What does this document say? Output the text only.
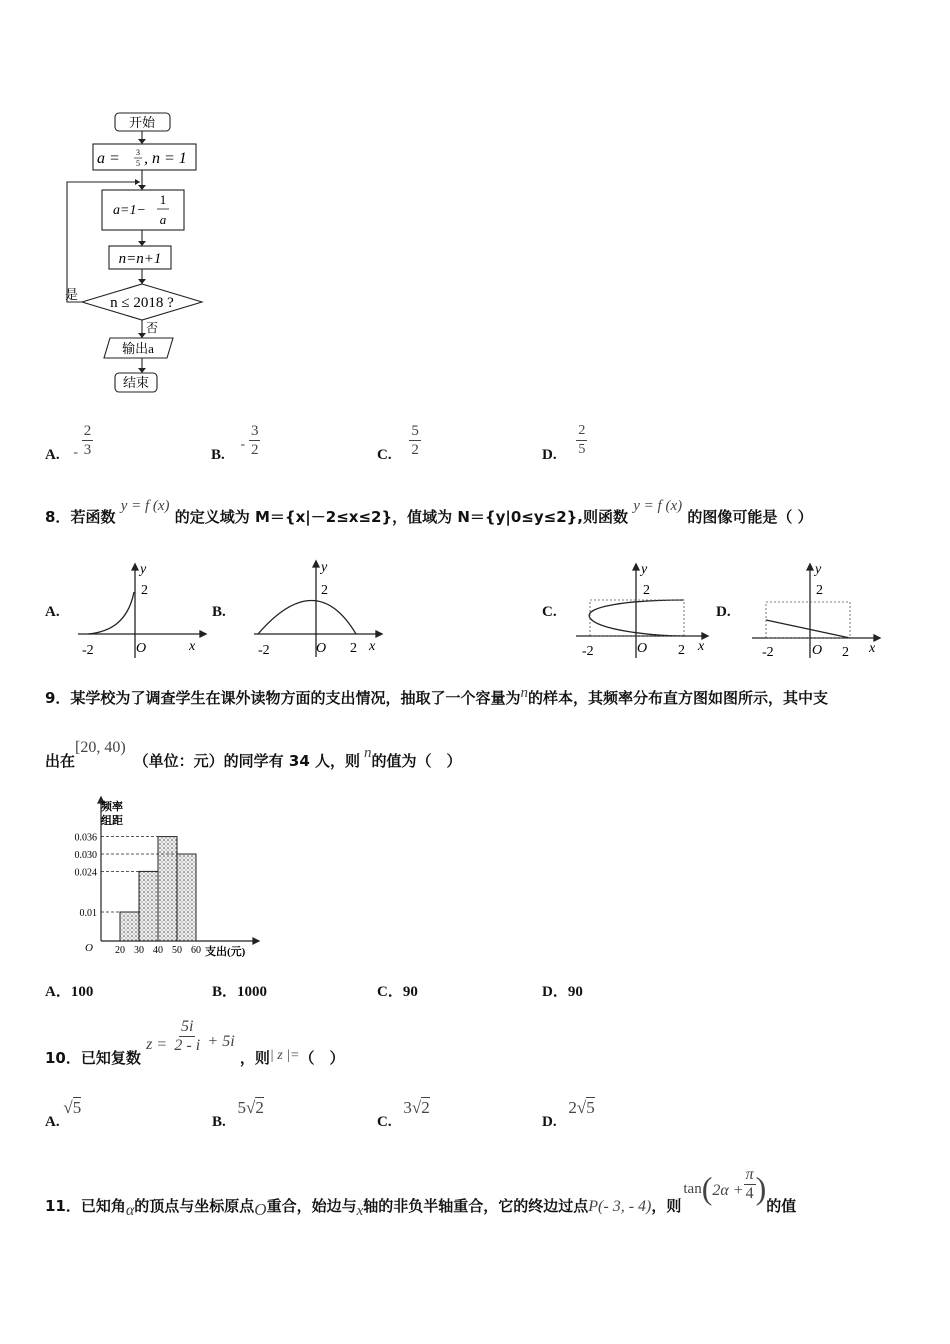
开始
a = 3
5 , n = 1
a=1−
1
a
n=n+1
n ≤ 2018 ?
是
否
输出a
结束
A. - $\frac{2}{3}$	B. - $\frac{3}{2}$	C. $\frac{5}{2}$	D. $\frac{2}{5}$
8．若函数 y = f (x) 的定义域为 M＝{x|－2≤x≤2}，值域为 N＝{y|0≤y≤2},则函数 y = f (x) 的图像可能是（ ）
A.
y
2
-2	O	x
B.
y
2
-2	O 2 x
C.
y
2
-2	O 2 x
D.
y
2
-2	O 2 x
9．某学校为了调查学生在课外读物方面的支出情况，抽取了一个容量为n的样本，其频率分布直方图如图所示，其中支
出在[20, 40)（单位：元）的同学有 34 人，则 n的值为（　）
频率
组距
O	支出(元)
0.036
0.030
0.024
0.01
20 30 40 50 60
A．100	B．1000	C．90	D．90
10．已知复数 $z = \frac{5i}{2 - i} + 5i$ ，则| z |=（　）
A. √5
B. 5√2
C. 3√2
D. 2√5
11．已知角α的顶点与坐标原点O重合，始边与x轴的非负半轴重合，它的终边过点P(- 3, - 4)，则$\tan(2\alpha + \frac{\pi}{4}$ )的值
